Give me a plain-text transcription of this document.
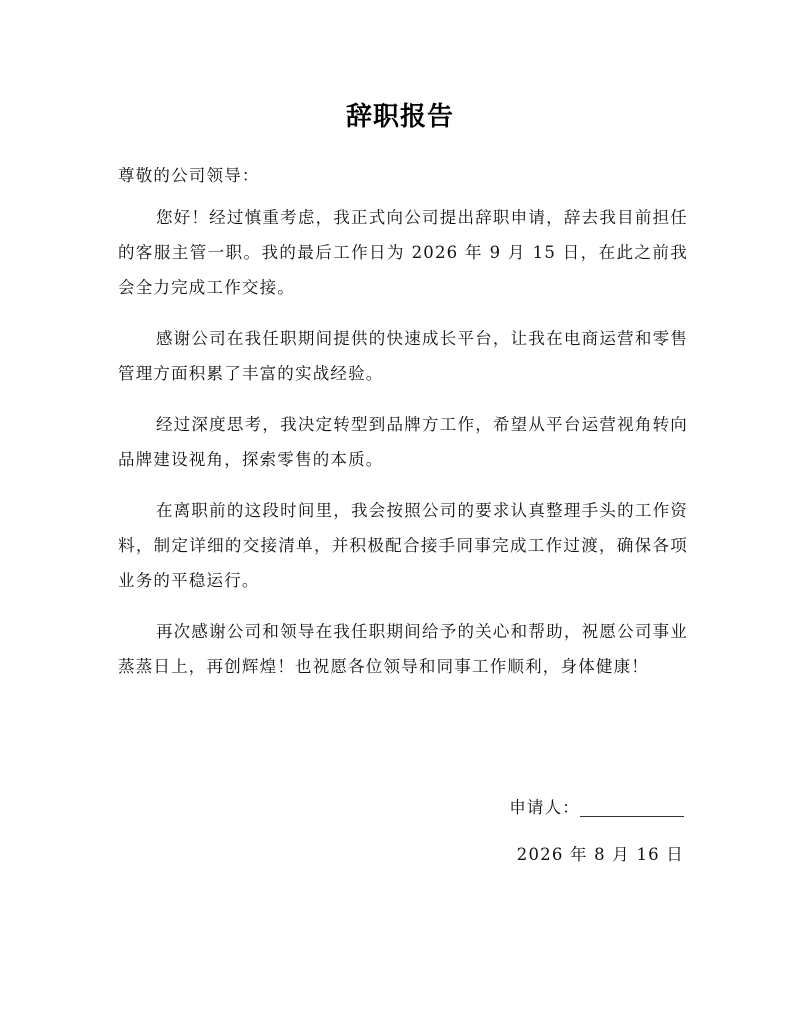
辞职报告
尊敬的公司领导：

您好！经过慎重考虑，我正式向公司提出辞职申请，辞去我目前担任的客服主管一职。我的最后工作日为 2026 年 9 月 15 日，在此之前我会全力完成工作交接。

感谢公司在我任职期间提供的快速成长平台，让我在电商运营和零售管理方面积累了丰富的实战经验。

经过深度思考，我决定转型到品牌方工作，希望从平台运营视角转向品牌建设视角，探索零售的本质。

在离职前的这段时间里，我会按照公司的要求认真整理手头的工作资料，制定详细的交接清单，并积极配合接手同事完成工作过渡，确保各项业务的平稳运行。

再次感谢公司和领导在我任职期间给予的关心和帮助，祝愿公司事业蒸蒸日上，再创辉煌！也祝愿各位领导和同事工作顺利，身体健康！

申请人：
2026 年 8 月 16 日
